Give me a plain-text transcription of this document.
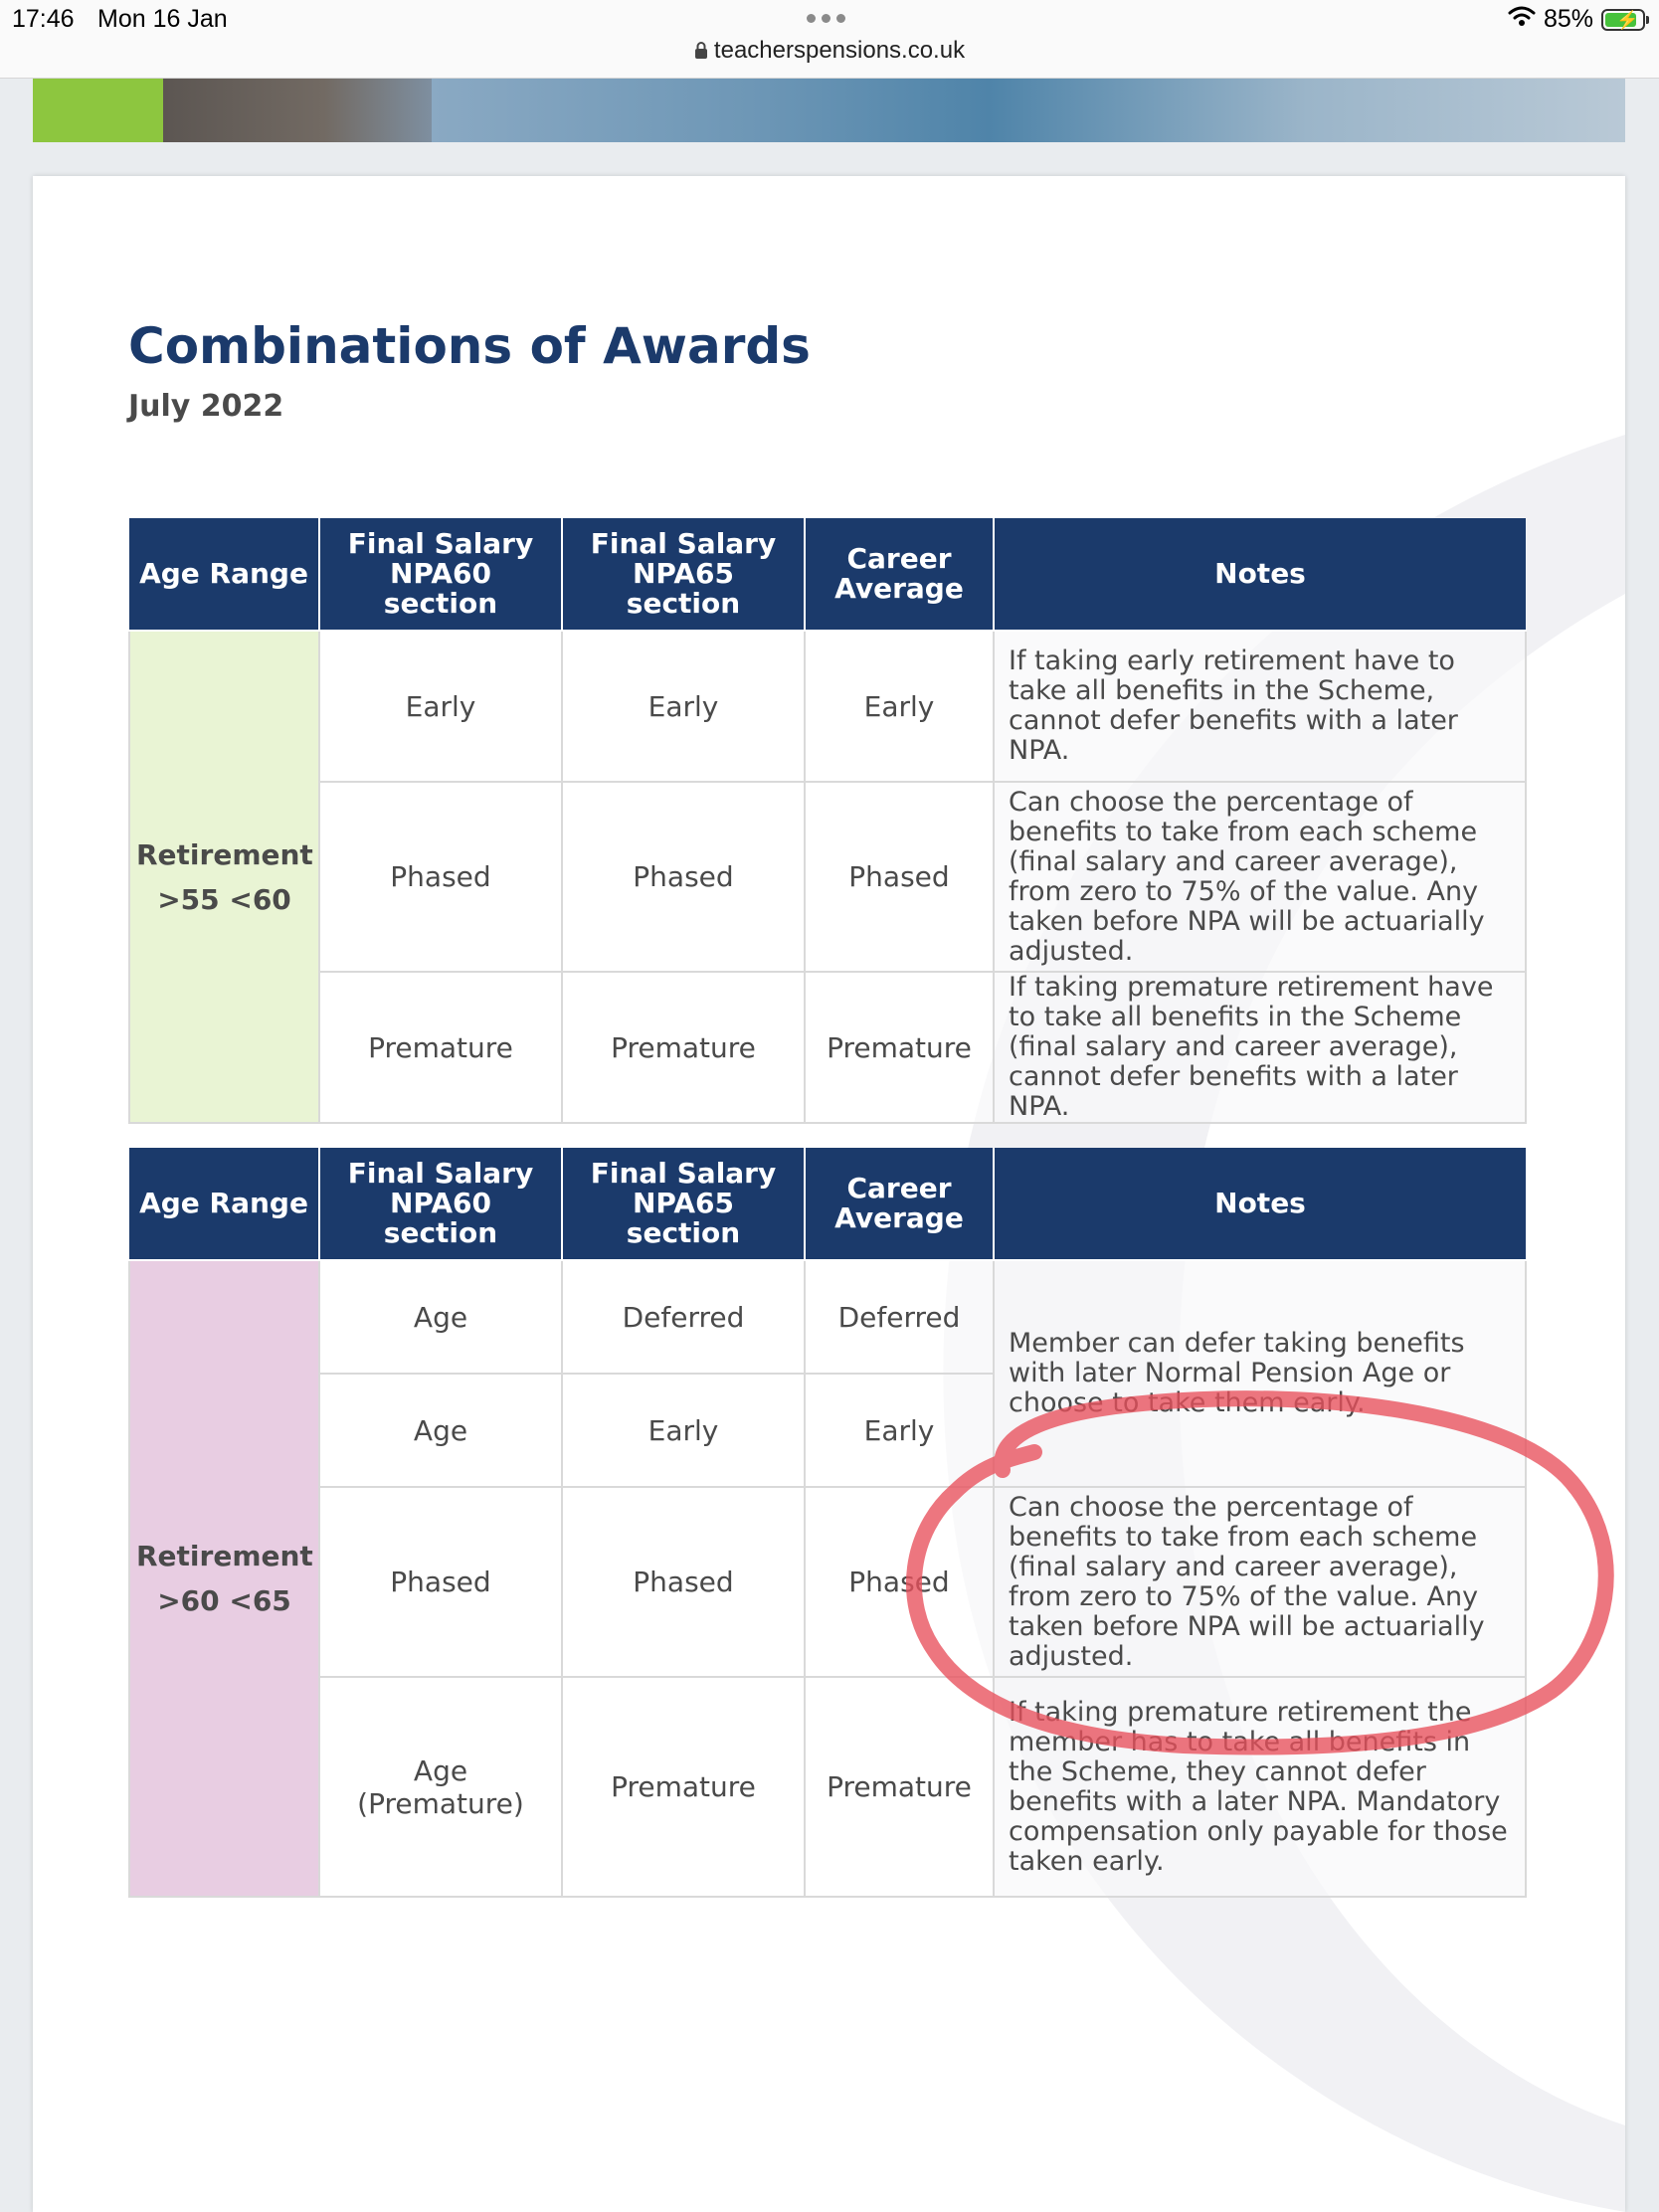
17:46 Mon 16 Jan
teacherspensions.co.uk
85% ⚡
Combinations of Awards
July 2022
Age Range	Final Salary NPA60 section	Final Salary NPA65 section	Career Average	Notes

Retirement
>55 <60	Early	Early	Early	If taking early retirement have to take all benefits in the Scheme, cannot defer benefits with a later NPA.
	Phased	Phased	Phased	Can choose the percentage of benefits to take from each scheme (final salary and career average), from zero to 75% of the value. Any taken before NPA will be actuarially adjusted.
	Premature	Premature	Premature	If taking premature retirement have to take all benefits in the Scheme (final salary and career average), cannot defer benefits with a later NPA.
Age Range	Final Salary NPA60 section	Final Salary NPA65 section	Career Average	Notes

Retirement
>60 <65	Age	Deferred	Deferred	Member can defer taking benefits with later Normal Pension Age or choose to take them early.
	Age	Early	Early	
	Phased	Phased	Phased	Can choose the percentage of benefits to take from each scheme (final salary and career average), from zero to 75% of the value. Any taken before NPA will be actuarially adjusted.
	Age (Premature)	Premature	Premature	If taking premature retirement the member has to take all benefits in the Scheme, they cannot defer benefits with a later NPA. Mandatory compensation only payable for those taken early.
